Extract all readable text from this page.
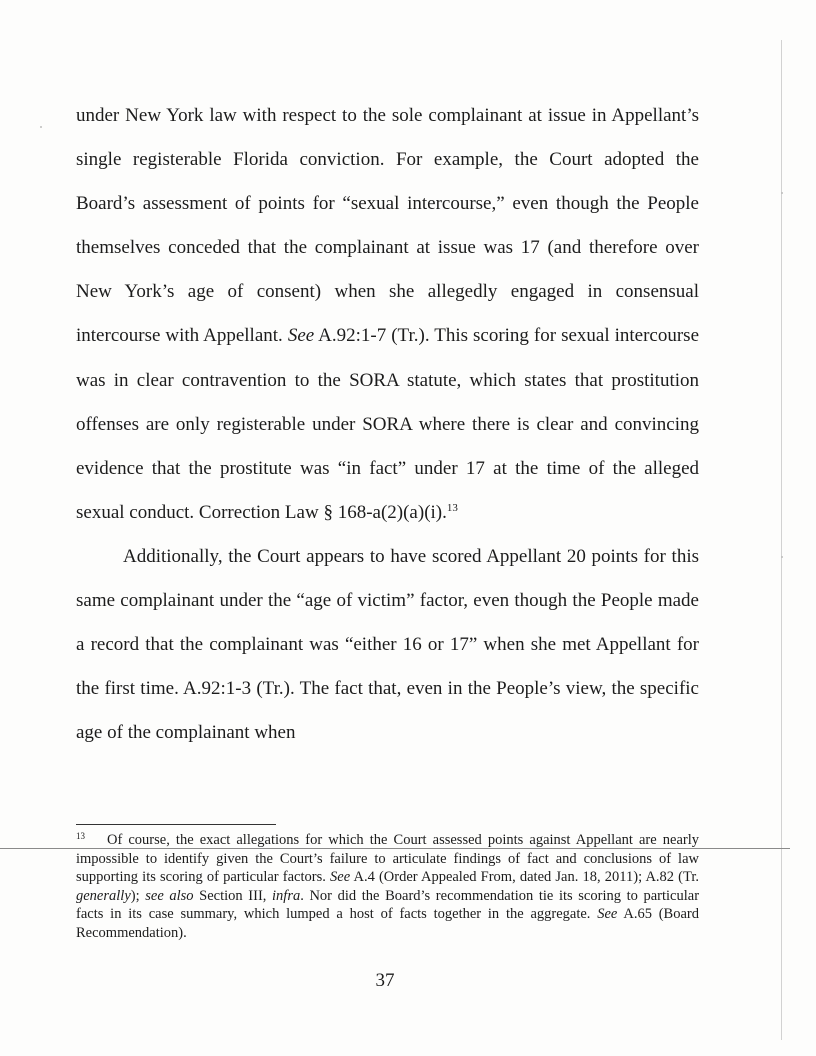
under New York law with respect to the sole complainant at issue in Appellant’s single registerable Florida conviction. For example, the Court adopted the Board’s assessment of points for “sexual intercourse,” even though the People themselves conceded that the complainant at issue was 17 (and therefore over New York’s age of consent) when she allegedly engaged in consensual intercourse with Appellant. See A.92:1-7 (Tr.). This scoring for sexual intercourse was in clear contravention to the SORA statute, which states that prostitution offenses are only registerable under SORA where there is clear and convincing evidence that the prostitute was “in fact” under 17 at the time of the alleged sexual conduct. Correction Law § 168-a(2)(a)(i).$^{13}$

Additionally, the Court appears to have scored Appellant 20 points for this same complainant under the “age of victim” factor, even though the People made a record that the complainant was “either 16 or 17” when she met Appellant for the first time. A.92:1-3 (Tr.). The fact that, even in the People’s view, the specific age of the complainant when

$^{13}$ Of course, the exact allegations for which the Court assessed points against Appellant are nearly impossible to identify given the Court’s failure to articulate findings of fact and conclusions of law supporting its scoring of particular factors. See A.4 (Order Appealed From, dated Jan. 18, 2011); A.82 (Tr. generally); see also Section III, infra. Nor did the Board’s recommendation tie its scoring to particular facts in its case summary, which lumped a host of facts together in the aggregate. See A.65 (Board Recommendation).

37
